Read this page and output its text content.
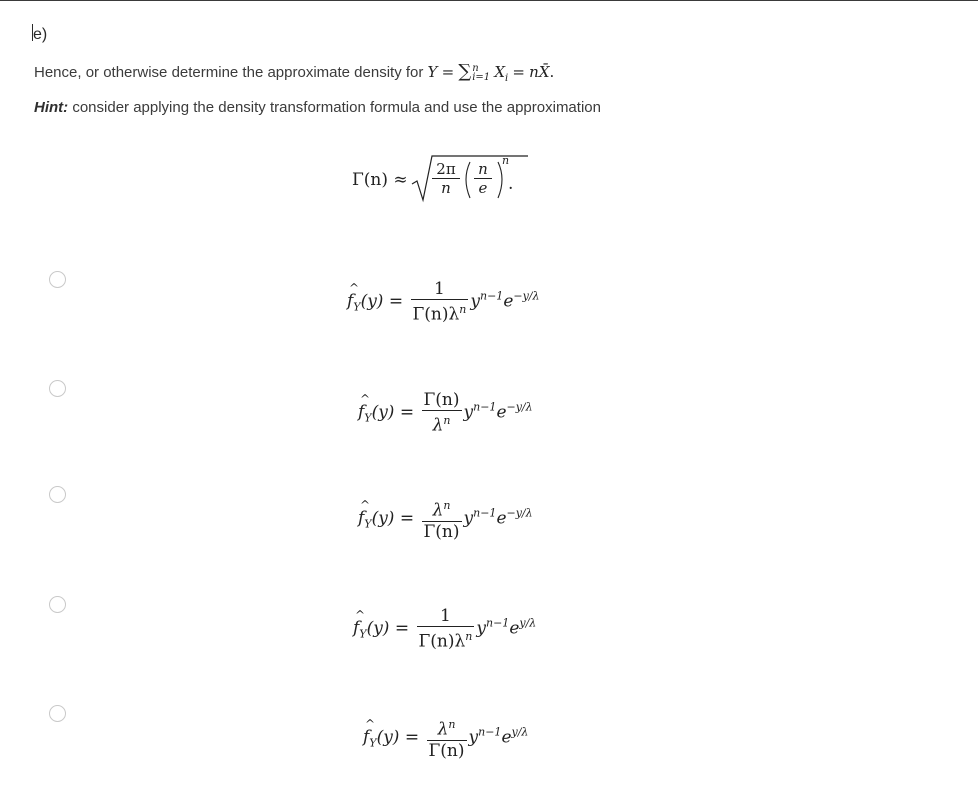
e)
Hence, or otherwise determine the approximate density for Y = ∑ n
i=1 $X_i$ = nX̄.
Hint: consider applying the density transformation formula and use the approximation
$\Gamma(n) \approx \frac{2\pi}{n} \frac{n}{e}$ n
.
^ $f_Y(y) = \frac{1}{\Gamma(n)\lambda^n} y^{n-1}e^{-y/\lambda}$
^ $f_Y(y) = \frac{\Gamma(n)}{\lambda^n} y^{n-1}e^{-y/\lambda}$
^ $f_Y(y) = \frac{\lambda^n}{\Gamma(n)} y^{n-1}e^{-y/\lambda}$
^ $f_Y(y) = \frac{1}{\Gamma(n)\lambda^n} y^{n-1}e^{y/\lambda}$
^ $f_Y(y) = \frac{\lambda^n}{\Gamma(n)} y^{n-1}e^{y/\lambda}$
